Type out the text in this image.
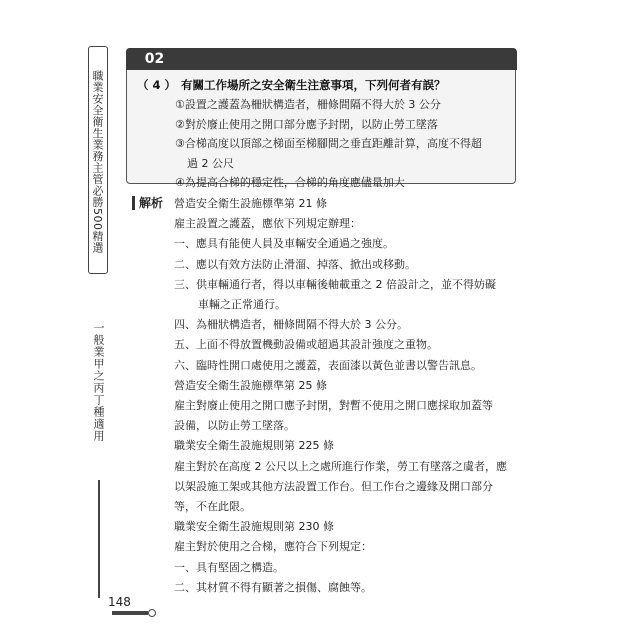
職業安全衛生業務主管必勝500精選
一般業甲之丙丁種適用
148
02
（ 4 ） 有關工作場所之安全衛生注意事項，下列何者有誤？
①設置之護蓋為柵狀構造者，柵條間隔不得大於 3 公分
②對於廢止使用之開口部分應予封閉，以防止勞工墜落
③合梯高度以頂部之梯面至梯腳間之垂直距離計算，高度不得超
過 2 公尺
④為提高合梯的穩定性，合梯的角度應儘量加大
解析 營造安全衛生設施標準第 21 條
雇主設置之護蓋，應依下列規定辦理：
一、應具有能使人員及車輛安全通過之強度。
二、應以有效方法防止滑溜、掉落、掀出或移動。
三、供車輛通行者，得以車輛後軸載重之 2 倍設計之，並不得妨礙
車輛之正常通行。
四、為柵狀構造者，柵條間隔不得大於 3 公分。
五、上面不得放置機動設備或超過其設計強度之重物。
六、臨時性開口處使用之護蓋，表面漆以黃色並書以警告訊息。
營造安全衛生設施標準第 25 條
雇主對廢止使用之開口應予封閉，對暫不使用之開口應採取加蓋等
設備，以防止勞工墜落。
職業安全衛生設施規則第 225 條
雇主對於在高度 2 公尺以上之處所進行作業，勞工有墜落之虞者，應
以架設施工架或其他方法設置工作台。但工作台之邊緣及開口部分
等，不在此限。
職業安全衛生設施規則第 230 條
雇主對於使用之合梯，應符合下列規定：
一、具有堅固之構造。
二、其材質不得有顯著之損傷、腐蝕等。
